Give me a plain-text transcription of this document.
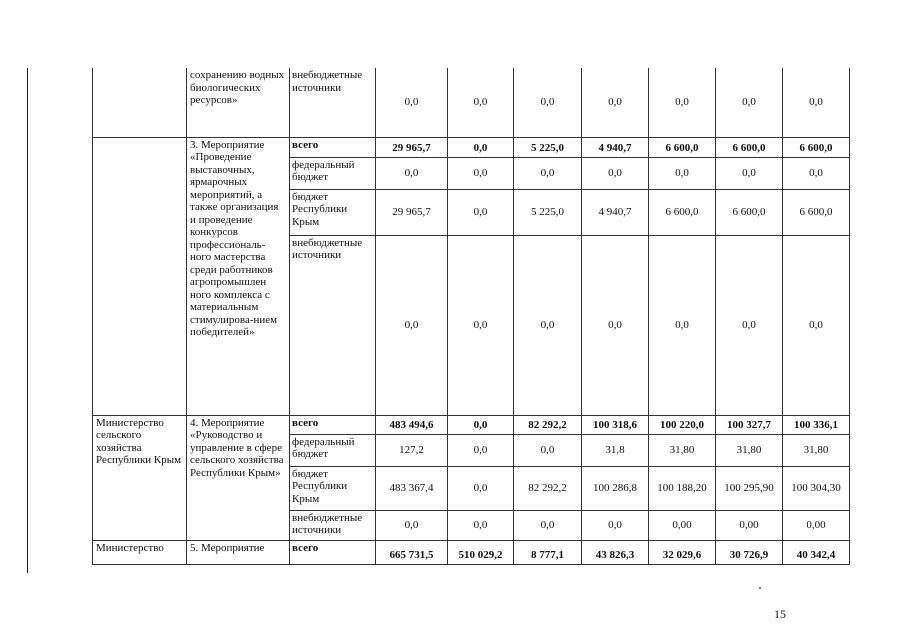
	сохранению водных биологических ресурсов»	внебюджетные источники	0,0	0,0	0,0	0,0	0,0	0,0	0,0
	3. Мероприятие «Проведение выставочных, ярмарочных мероприятий, а также организация и проведение конкурсов профессиональ-ного мастерства среди работников агропромышлен ного комплекса с материальным стимулирова-нием победителей»	всего	29 965,7	0,0	5 225,0	4 940,7	6 600,0	6 600,0	6 600,0
		федеральный бюджет	0,0	0,0	0,0	0,0	0,0	0,0	0,0
		бюджет Республики Крым	29 965,7	0,0	5 225,0	4 940,7	6 600,0	6 600,0	6 600,0
		внебюджетные источники	0,0	0,0	0,0	0,0	0,0	0,0	0,0
Министерство сельского хозяйства Республики Крым	4. Мероприятие «Руководство и управление в сфере сельского хозяйства Республики Крым»	всего	483 494,6	0,0	82 292,2	100 318,6	100 220,0	100 327,7	100 336,1
		федеральный бюджет	127,2	0,0	0,0	31,8	31,80	31,80	31,80
		бюджет Республики Крым	483 367,4	0,0	82 292,2	100 286,8	100 188,20	100 295,90	100 304,30
		внебюджетные источники	0,0	0,0	0,0	0,0	0,00	0,00	0,00
Министерство	5. Мероприятие	всего	665 731,5	510 029,2	8 777,1	43 826,3	32 029,6	30 726,9	40 342,4
15
